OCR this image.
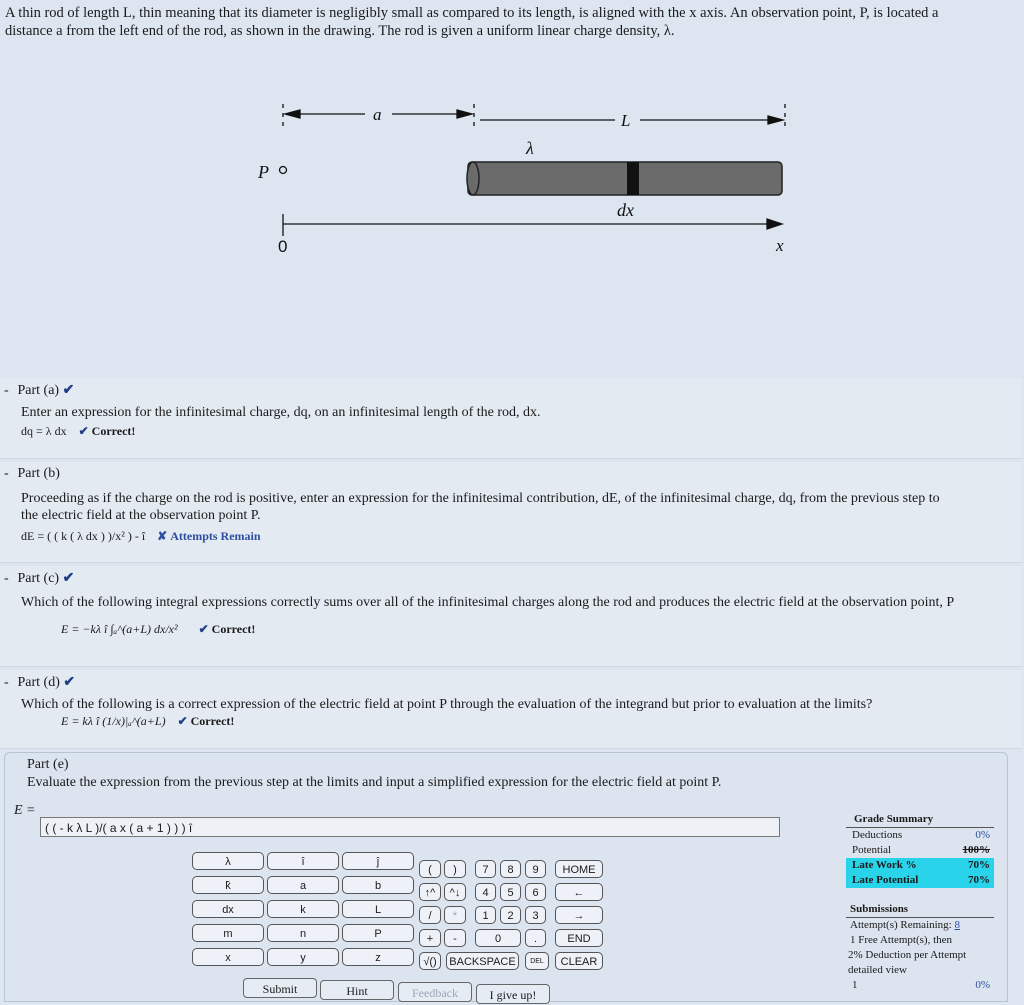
A thin rod of length L, thin meaning that its diameter is negligibly small as compared to its length, is aligned with the x axis. An observation point, P, is located a
distance a from the left end of the rod, as shown in the drawing. The rod is given a uniform linear charge density, λ.
a	L
λ
P
dx
x
0
- Part (a) ✔
Enter an expression for the infinitesimal charge, dq, on an infinitesimal length of the rod, dx.
dq = λ dx ✔ Correct!
- Part (b)
Proceeding as if the charge on the rod is positive, enter an expression for the infinitesimal contribution, dE, of the infinitesimal charge, dq, from the previous step to
the electric field at the observation point P.
dE = ( ( k ( λ dx ) )/x² ) - î ✘ Attempts Remain
- Part (c) ✔
Which of the following integral expressions correctly sums over all of the infinitesimal charges along the rod and produces the electric field at the observation point, P
E = −kλ î ∫ₐ^(a+L) dx/x² ✔ Correct!
- Part (d) ✔
Which of the following is a correct expression of the electric field at point P through the evaluation of the integrand but prior to evaluation at the limits?
E = kλ î (1/x)|ₐ^(a+L) ✔ Correct!
Part (e)
Evaluate the expression from the previous step at the limits and input a simplified expression for the electric field at point P.
E =
( ( - k λ L )/( a x ( a + 1 ) ) ) î
λ	î	ĵ
k̂	a	b
dx	k	L
m	n	P
x	y	z
(	)	7	8	9	HOME
↑^	^↓	4	5	6	←
/	*	1	2	3	→
+	-	0	.	END
√()	BACKSPACE	DEL	CLEAR
Submit	Hint	Feedback	I give up!
Grade Summary
Deductions	0%
Potential	100%
Late Work %	70%
Late Potential	70%
Submissions
Attempt(s) Remaining: 8
1 Free Attempt(s), then
2% Deduction per Attempt
detailed view
1	0%
